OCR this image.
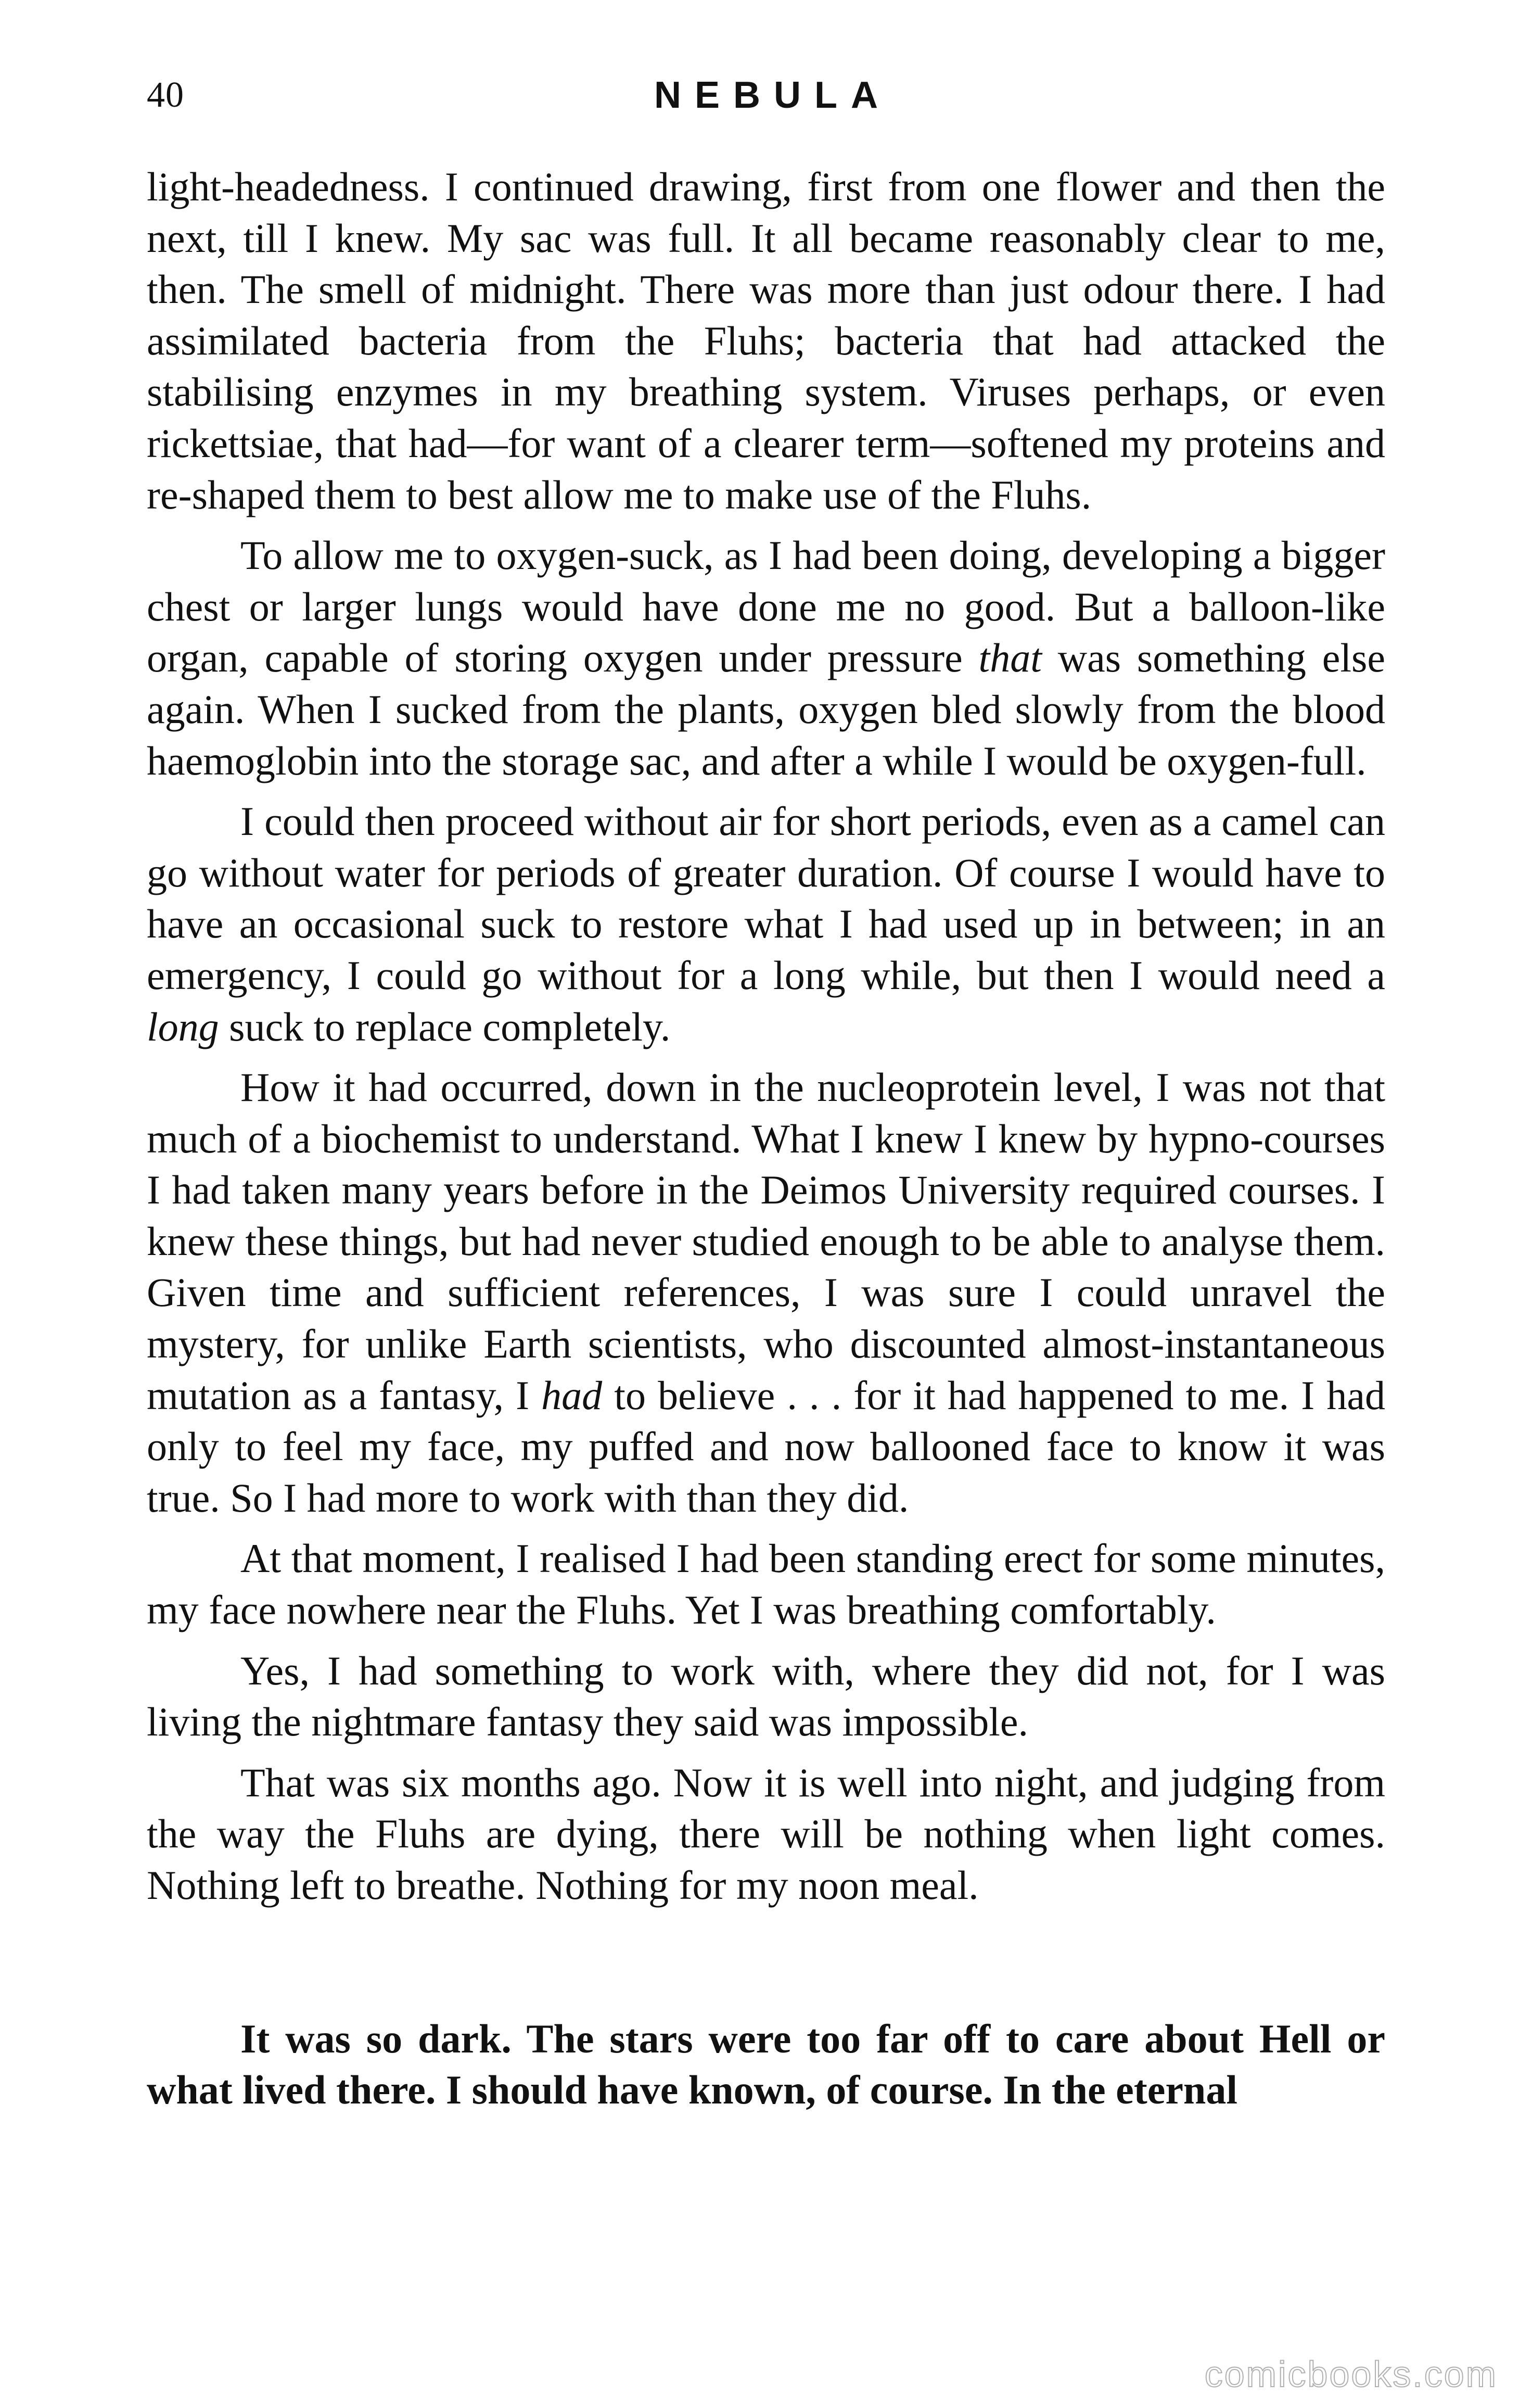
40	NEBULA

light-headedness. I continued drawing, first from one flower and then the next, till I knew. My sac was full. It all became reasonably clear to me, then. The smell of midnight. There was more than just odour there. I had assimilated bacteria from the Fluhs; bacteria that had attacked the stabilising enzymes in my breathing system. Viruses perhaps, or even rickettsiae, that had—for want of a clearer term—softened my proteins and re-shaped them to best allow me to make use of the Fluhs.

To allow me to oxygen-suck, as I had been doing, developing a bigger chest or larger lungs would have done me no good. But a balloon-like organ, capable of storing oxygen under pressure that was something else again. When I sucked from the plants, oxygen bled slowly from the blood haemoglobin into the storage sac, and after a while I would be oxygen-full.

I could then proceed without air for short periods, even as a camel can go without water for periods of greater duration. Of course I would have to have an occasional suck to restore what I had used up in between; in an emergency, I could go without for a long while, but then I would need a long suck to replace completely.

How it had occurred, down in the nucleoprotein level, I was not that much of a biochemist to understand. What I knew I knew by hypno-courses I had taken many years before in the Deimos University required courses. I knew these things, but had never studied enough to be able to analyse them. Given time and sufficient references, I was sure I could unravel the mystery, for unlike Earth scientists, who discounted almost-instantaneous mutation as a fantasy, I had to believe . . . for it had happened to me. I had only to feel my face, my puffed and now ballooned face to know it was true. So I had more to work with than they did.

At that moment, I realised I had been standing erect for some minutes, my face nowhere near the Fluhs. Yet I was breathing comfortably.

Yes, I had something to work with, where they did not, for I was living the nightmare fantasy they said was impossible.

That was six months ago. Now it is well into night, and judging from the way the Fluhs are dying, there will be nothing when light comes. Nothing left to breathe. Nothing for my noon meal.

It was so dark. The stars were too far off to care about Hell or what lived there. I should have known, of course. In the eternal

comicbooks.com
